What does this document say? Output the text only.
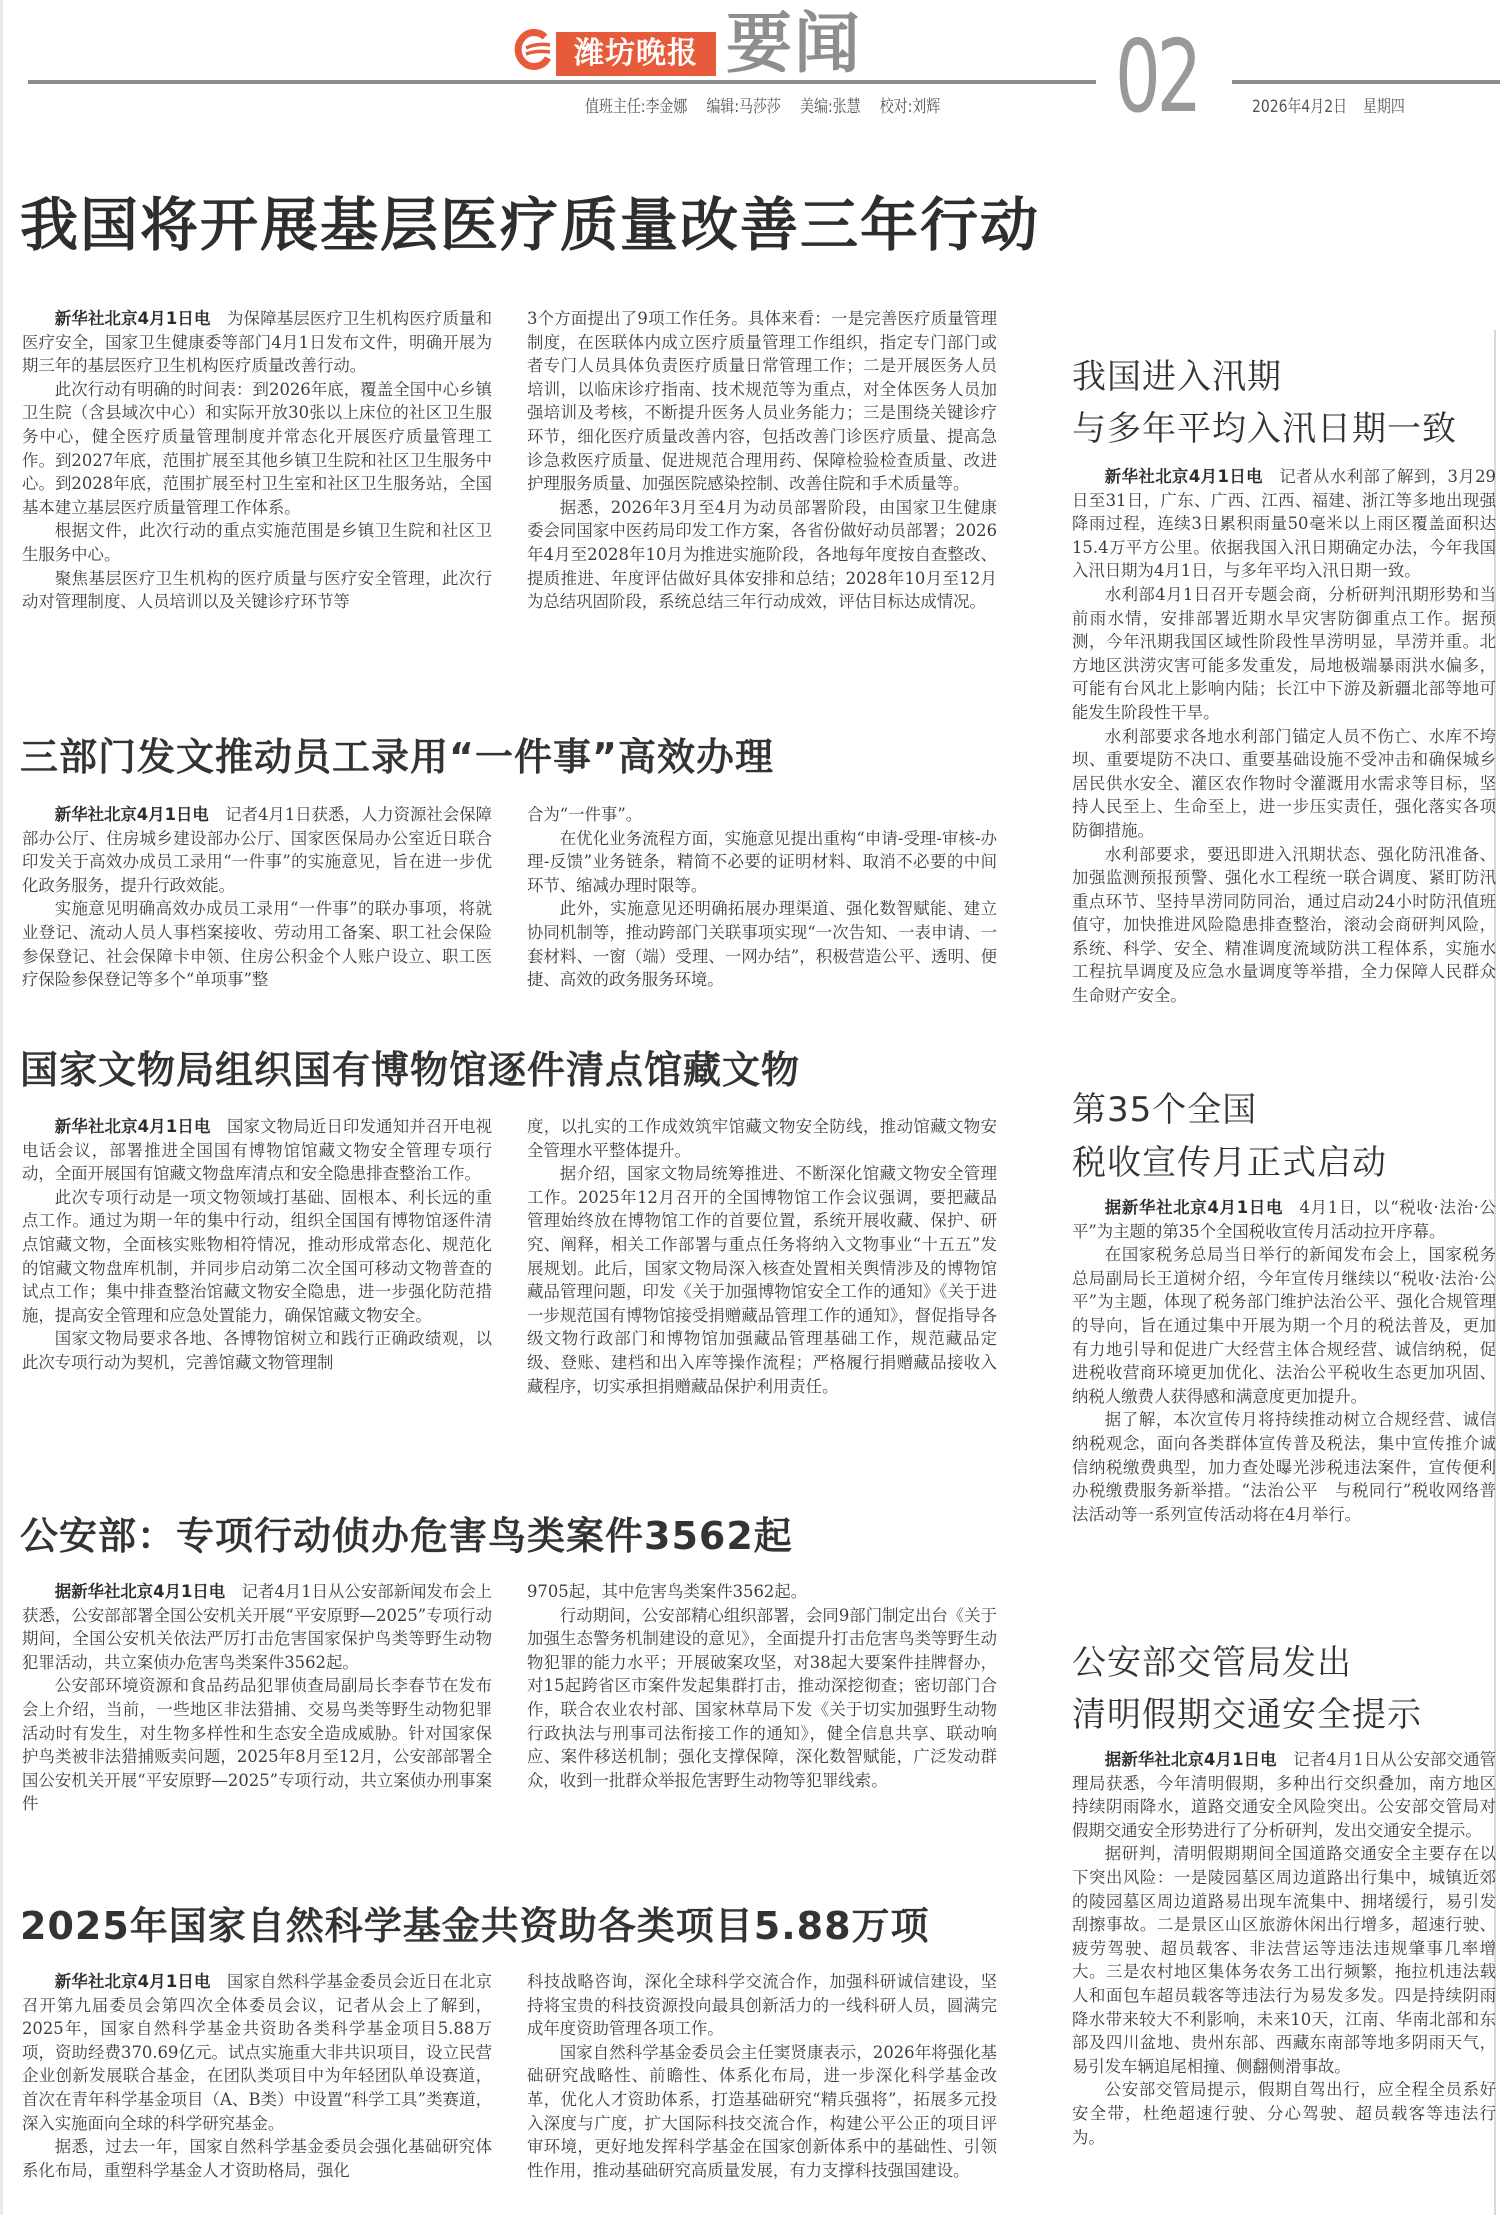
潍坊晚报 要闻	02
值班主任:李金娜 编辑:马莎莎 美编:张慧 校对:刘辉	2026年4月2日 星期四
我国将开展基层医疗质量改善三年行动

新华社北京4月1日电 为保障基层医疗卫生机构医疗质量和医疗安全，国家卫生健康委等部门4月1日发布文件，明确开展为期三年的基层医疗卫生机构医疗质量改善行动。

此次行动有明确的时间表：到2026年底，覆盖全国中心乡镇卫生院（含县域次中心）和实际开放30张以上床位的社区卫生服务中心，健全医疗质量管理制度并常态化开展医疗质量管理工作。到2027年底，范围扩展至其他乡镇卫生院和社区卫生服务中心。到2028年底，范围扩展至村卫生室和社区卫生服务站，全国基本建立基层医疗质量管理工作体系。

根据文件，此次行动的重点实施范围是乡镇卫生院和社区卫生服务中心。

聚焦基层医疗卫生机构的医疗质量与医疗安全管理，此次行动对管理制度、人员培训以及关键诊疗环节等

3个方面提出了9项工作任务。具体来看：一是完善医疗质量管理制度，在医联体内成立医疗质量管理工作组织，指定专门部门或者专门人员具体负责医疗质量日常管理工作；二是开展医务人员培训，以临床诊疗指南、技术规范等为重点，对全体医务人员加强培训及考核，不断提升医务人员业务能力；三是围绕关键诊疗环节，细化医疗质量改善内容，包括改善门诊医疗质量、提高急诊急救医疗质量、促进规范合理用药、保障检验检查质量、改进护理服务质量、加强医院感染控制、改善住院和手术质量等。

据悉，2026年3月至4月为动员部署阶段，由国家卫生健康委会同国家中医药局印发工作方案，各省份做好动员部署；2026年4月至2028年10月为推进实施阶段，各地每年度按自查整改、提质推进、年度评估做好具体安排和总结；2028年10月至12月为总结巩固阶段，系统总结三年行动成效，评估目标达成情况。

三部门发文推动员工录用“一件事”高效办理

新华社北京4月1日电 记者4月1日获悉，人力资源社会保障部办公厅、住房城乡建设部办公厅、国家医保局办公室近日联合印发关于高效办成员工录用“一件事”的实施意见，旨在进一步优化政务服务，提升行政效能。

实施意见明确高效办成员工录用“一件事”的联办事项，将就业登记、流动人员人事档案接收、劳动用工备案、职工社会保险参保登记、社会保障卡申领、住房公积金个人账户设立、职工医疗保险参保登记等多个“单项事”整

合为“一件事”。

在优化业务流程方面，实施意见提出重构“申请-受理-审核-办理-反馈”业务链条，精简不必要的证明材料、取消不必要的中间环节、缩减办理时限等。

此外，实施意见还明确拓展办理渠道、强化数智赋能、建立协同机制等，推动跨部门关联事项实现“一次告知、一表申请、一套材料、一窗（端）受理、一网办结”，积极营造公平、透明、便捷、高效的政务服务环境。

国家文物局组织国有博物馆逐件清点馆藏文物

新华社北京4月1日电 国家文物局近日印发通知并召开电视电话会议，部署推进全国国有博物馆馆藏文物安全管理专项行动，全面开展国有馆藏文物盘库清点和安全隐患排查整治工作。

此次专项行动是一项文物领域打基础、固根本、利长远的重点工作。通过为期一年的集中行动，组织全国国有博物馆逐件清点馆藏文物，全面核实账物相符情况，推动形成常态化、规范化的馆藏文物盘库机制，并同步启动第二次全国可移动文物普查的试点工作；集中排查整治馆藏文物安全隐患，进一步强化防范措施，提高安全管理和应急处置能力，确保馆藏文物安全。

国家文物局要求各地、各博物馆树立和践行正确政绩观，以此次专项行动为契机，完善馆藏文物管理制

度，以扎实的工作成效筑牢馆藏文物安全防线，推动馆藏文物安全管理水平整体提升。

据介绍，国家文物局统筹推进、不断深化馆藏文物安全管理工作。2025年12月召开的全国博物馆工作会议强调，要把藏品管理始终放在博物馆工作的首要位置，系统开展收藏、保护、研究、阐释，相关工作部署与重点任务将纳入文物事业“十五五”发展规划。此后，国家文物局深入核查处置相关舆情涉及的博物馆藏品管理问题，印发《关于加强博物馆安全工作的通知》《关于进一步规范国有博物馆接受捐赠藏品管理工作的通知》，督促指导各级文物行政部门和博物馆加强藏品管理基础工作，规范藏品定级、登账、建档和出入库等操作流程；严格履行捐赠藏品接收入藏程序，切实承担捐赠藏品保护利用责任。

公安部：专项行动侦办危害鸟类案件3562起

据新华社北京4月1日电 记者4月1日从公安部新闻发布会上获悉，公安部部署全国公安机关开展“平安原野—2025”专项行动期间，全国公安机关依法严厉打击危害国家保护鸟类等野生动物犯罪活动，共立案侦办危害鸟类案件3562起。

公安部环境资源和食品药品犯罪侦查局副局长李春节在发布会上介绍，当前，一些地区非法猎捕、交易鸟类等野生动物犯罪活动时有发生，对生物多样性和生态安全造成威胁。针对国家保护鸟类被非法猎捕贩卖问题，2025年8月至12月，公安部部署全国公安机关开展“平安原野—2025”专项行动，共立案侦办刑事案件

9705起，其中危害鸟类案件3562起。

行动期间，公安部精心组织部署，会同9部门制定出台《关于加强生态警务机制建设的意见》，全面提升打击危害鸟类等野生动物犯罪的能力水平；开展破案攻坚，对38起大要案件挂牌督办，对15起跨省区市案件发起集群打击，推动深挖彻查；密切部门合作，联合农业农村部、国家林草局下发《关于切实加强野生动物行政执法与刑事司法衔接工作的通知》，健全信息共享、联动响应、案件移送机制；强化支撑保障，深化数智赋能，广泛发动群众，收到一批群众举报危害野生动物等犯罪线索。

2025年国家自然科学基金共资助各类项目5.88万项

新华社北京4月1日电 国家自然科学基金委员会近日在北京召开第九届委员会第四次全体委员会议，记者从会上了解到，2025年，国家自然科学基金共资助各类科学基金项目5.88万项，资助经费370.69亿元。试点实施重大非共识项目，设立民营企业创新发展联合基金，在团队类项目中为年轻团队单设赛道，首次在青年科学基金项目（A、B类）中设置“科学工具”类赛道，深入实施面向全球的科学研究基金。

据悉，过去一年，国家自然科学基金委员会强化基础研究体系化布局，重塑科学基金人才资助格局，强化

科技战略咨询，深化全球科学交流合作，加强科研诚信建设，坚持将宝贵的科技资源投向最具创新活力的一线科研人员，圆满完成年度资助管理各项工作。

国家自然科学基金委员会主任窦贤康表示，2026年将强化基础研究战略性、前瞻性、体系化布局，进一步深化科学基金改革，优化人才资助体系，打造基础研究“精兵强将”，拓展多元投入深度与广度，扩大国际科技交流合作，构建公平公正的项目评审环境，更好地发挥科学基金在国家创新体系中的基础性、引领性作用，推动基础研究高质量发展，有力支撑科技强国建设。

我国进入汛期
与多年平均入汛日期一致

新华社北京4月1日电 记者从水利部了解到，3月29日至31日，广东、广西、江西、福建、浙江等多地出现强降雨过程，连续3日累积雨量50毫米以上雨区覆盖面积达15.4万平方公里。依据我国入汛日期确定办法，今年我国入汛日期为4月1日，与多年平均入汛日期一致。

水利部4月1日召开专题会商，分析研判汛期形势和当前雨水情，安排部署近期水旱灾害防御重点工作。据预测，今年汛期我国区域性阶段性旱涝明显，旱涝并重。北方地区洪涝灾害可能多发重发，局地极端暴雨洪水偏多，可能有台风北上影响内陆；长江中下游及新疆北部等地可能发生阶段性干旱。

水利部要求各地水利部门锚定人员不伤亡、水库不垮坝、重要堤防不决口、重要基础设施不受冲击和确保城乡居民供水安全、灌区农作物时令灌溉用水需求等目标，坚持人民至上、生命至上，进一步压实责任，强化落实各项防御措施。

水利部要求，要迅即进入汛期状态、强化防汛准备、加强监测预报预警、强化水工程统一联合调度、紧盯防汛重点环节、坚持旱涝同防同治，通过启动24小时防汛值班值守，加快推进风险隐患排查整治，滚动会商研判风险，系统、科学、安全、精准调度流域防洪工程体系，实施水工程抗旱调度及应急水量调度等举措，全力保障人民群众生命财产安全。

第35个全国
税收宣传月正式启动

据新华社北京4月1日电 4月1日，以“税收·法治·公平”为主题的第35个全国税收宣传月活动拉开序幕。

在国家税务总局当日举行的新闻发布会上，国家税务总局副局长王道树介绍，今年宣传月继续以“税收·法治·公平”为主题，体现了税务部门维护法治公平、强化合规管理的导向，旨在通过集中开展为期一个月的税法普及，更加有力地引导和促进广大经营主体合规经营、诚信纳税，促进税收营商环境更加优化、法治公平税收生态更加巩固、纳税人缴费人获得感和满意度更加提升。

据了解，本次宣传月将持续推动树立合规经营、诚信纳税观念，面向各类群体宣传普及税法，集中宣传推介诚信纳税缴费典型，加力查处曝光涉税违法案件，宣传便利办税缴费服务新举措。“法治公平　与税同行”税收网络普法活动等一系列宣传活动将在4月举行。

公安部交管局发出
清明假期交通安全提示

据新华社北京4月1日电 记者4月1日从公安部交通管理局获悉，今年清明假期，多种出行交织叠加，南方地区持续阴雨降水，道路交通安全风险突出。公安部交管局对假期交通安全形势进行了分析研判，发出交通安全提示。

据研判，清明假期期间全国道路交通安全主要存在以下突出风险：一是陵园墓区周边道路出行集中，城镇近郊的陵园墓区周边道路易出现车流集中、拥堵缓行，易引发刮擦事故。二是景区山区旅游休闲出行增多，超速行驶、疲劳驾驶、超员载客、非法营运等违法违规肇事几率增大。三是农村地区集体务农务工出行频繁，拖拉机违法载人和面包车超员载客等违法行为易发多发。四是持续阴雨降水带来较大不利影响，未来10天，江南、华南北部和东部及四川盆地、贵州东部、西藏东南部等地多阴雨天气，易引发车辆追尾相撞、侧翻侧滑事故。

公安部交管局提示，假期自驾出行，应全程全员系好安全带，杜绝超速行驶、分心驾驶、超员载客等违法行为。
